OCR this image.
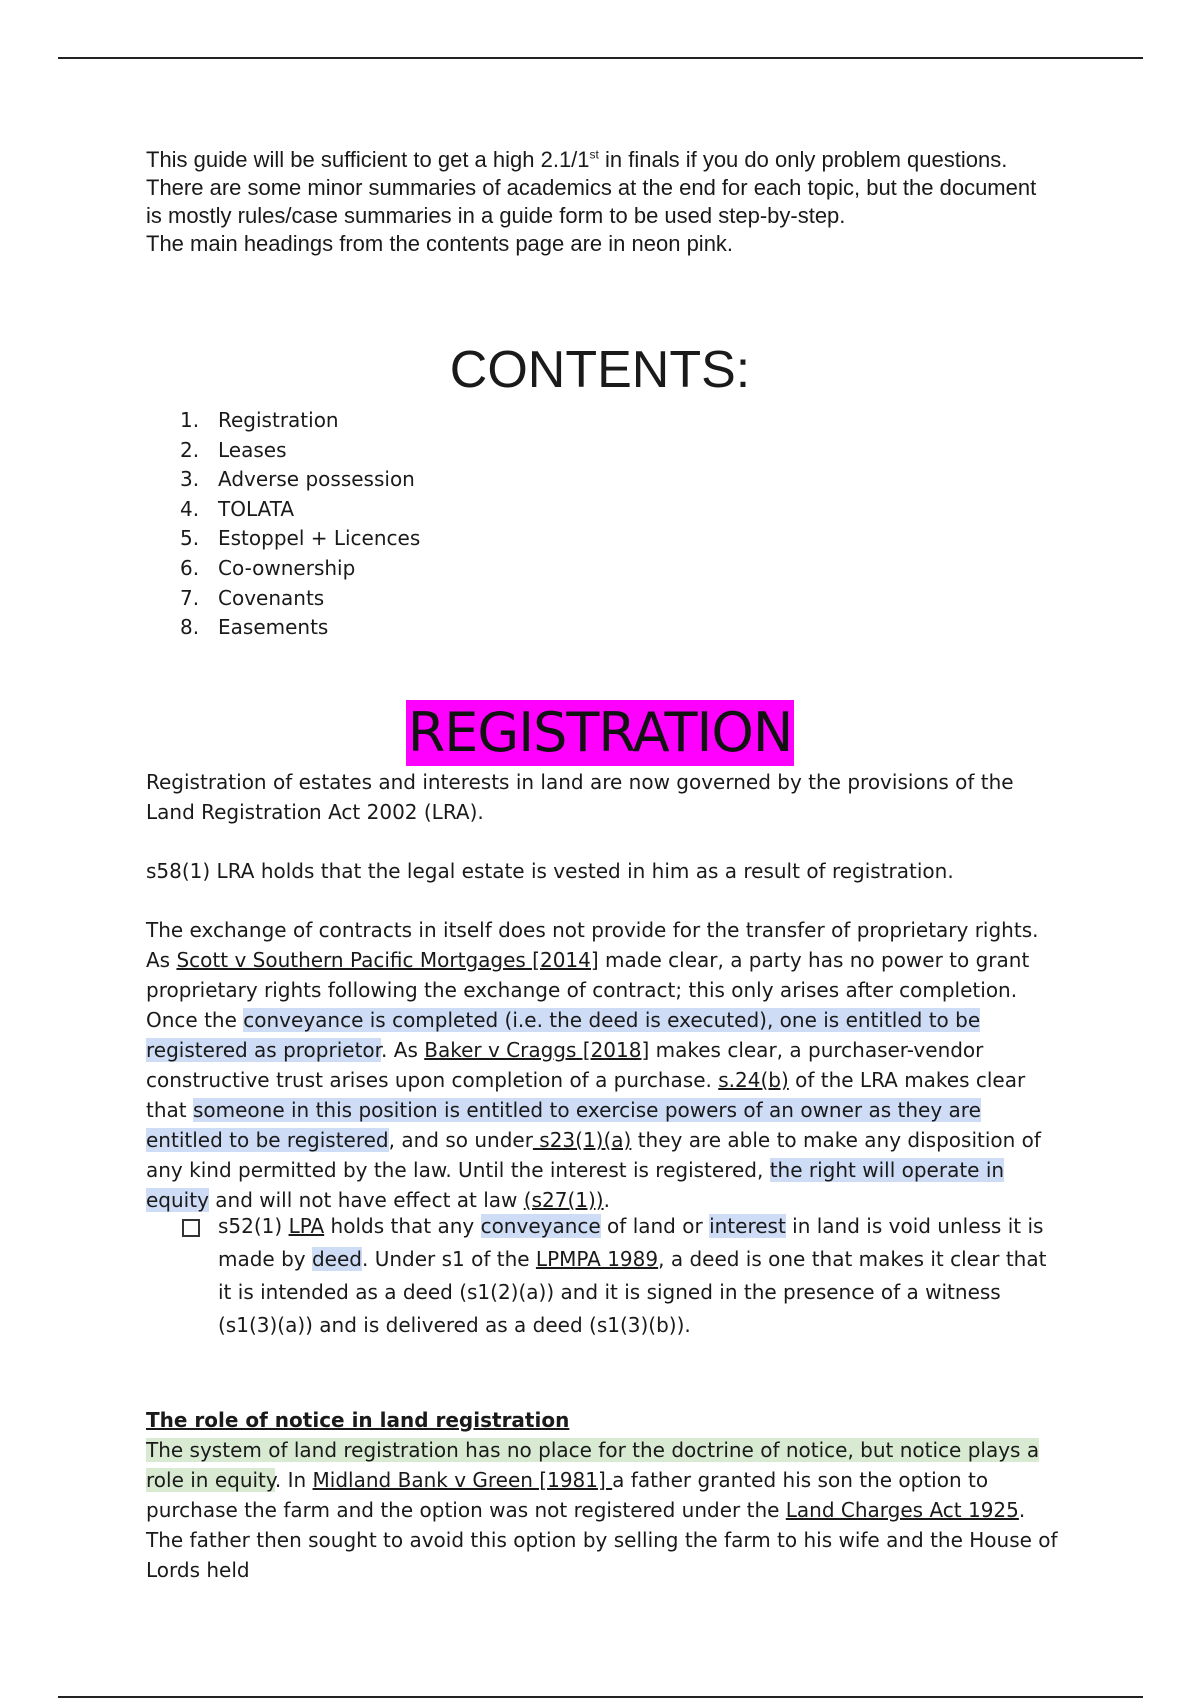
This guide will be sufficient to get a high 2.1/1st in finals if you do only problem questions.

There are some minor summaries of academics at the end for each topic, but the document is mostly rules/case summaries in a guide form to be used step-by-step.

The main headings from the contents page are in neon pink.

CONTENTS:
1. Registration
2. Leases
3. Adverse possession
4. TOLATA
5. Estoppel + Licences
6. Co-ownership
7. Covenants
8. Easements
REGISTRATION

Registration of estates and interests in land are now governed by the provisions of the Land Registration Act 2002 (LRA).

s58(1) LRA holds that the legal estate is vested in him as a result of registration.

The exchange of contracts in itself does not provide for the transfer of proprietary rights. As Scott v Southern Pacific Mortgages [2014] made clear, a party has no power to grant proprietary rights following the exchange of contract; this only arises after completion. Once the conveyance is completed (i.e. the deed is executed), one is entitled to be registered as proprietor. As Baker v Craggs [2018] makes clear, a purchaser-vendor constructive trust arises upon completion of a purchase. s.24(b) of the LRA makes clear that someone in this position is entitled to exercise powers of an owner as they are entitled to be registered, and so under s23(1)(a) they are able to make any disposition of any kind permitted by the law. Until the interest is registered, the right will operate in equity and will not have effect at law (s27(1)).

s52(1) LPA holds that any conveyance of land or interest in land is void unless it is made by deed. Under s1 of the LPMPA 1989, a deed is one that makes it clear that it is intended as a deed (s1(2)(a)) and it is signed in the presence of a witness (s1(3)(a)) and is delivered as a deed (s1(3)(b)).

The role of notice in land registration

The system of land registration has no place for the doctrine of notice, but notice plays a role in equity. In Midland Bank v Green [1981] a father granted his son the option to purchase the farm and the option was not registered under the Land Charges Act 1925. The father then sought to avoid this option by selling the farm to his wife and the House of Lords held
